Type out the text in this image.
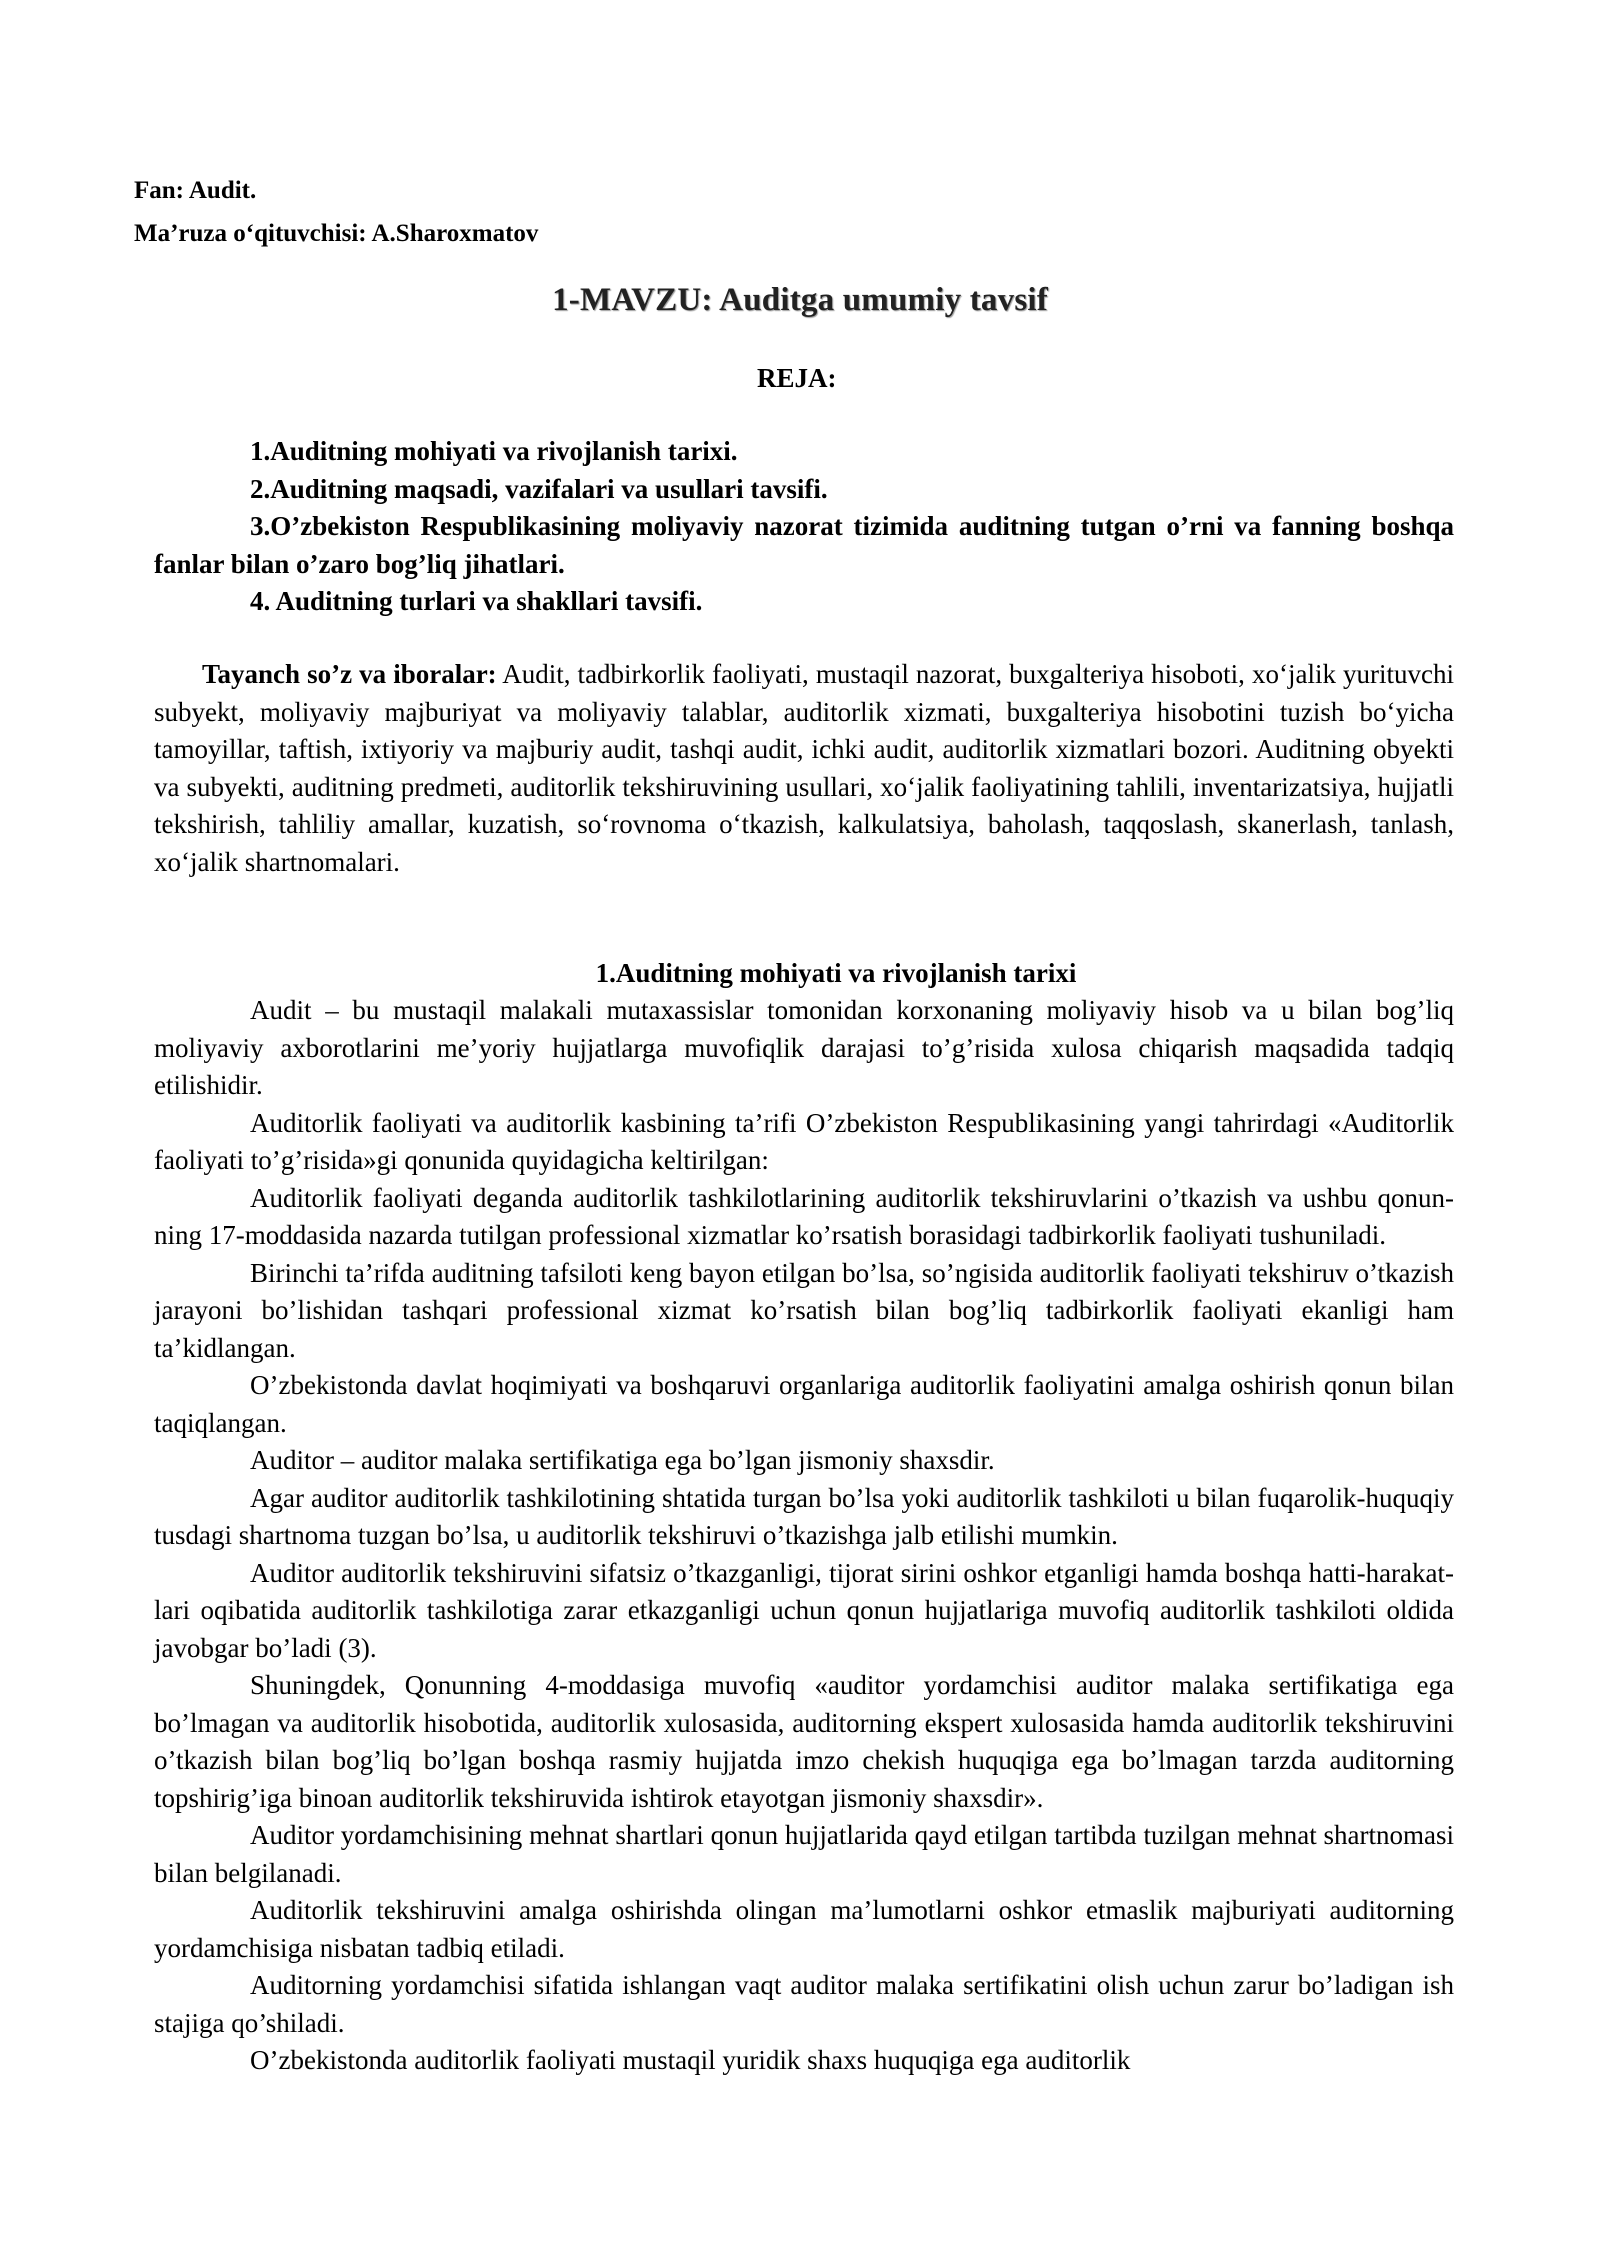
Fan: Audit.
Ma’ruza o‘qituvchisi: A.Sharoxmatov
1-MAVZU: Auditga umumiy tavsif
REJA:
1.Auditning mohiyati va rivojlanish tarixi.
2.Auditning maqsadi, vazifalari va usullari tavsifi.
3.O’zbekiston Respublikasining moliyaviy nazorat tizimida auditning tutgan o’rni va fanning boshqa fanlar bilan o’zaro bog’liq jihatlari.
4. Auditning turlari va shakllari tavsifi.
Tayanch so’z va iboralar: Audit, tadbirkorlik faoliyati, mustaqil nazorat, buxgalteriya hisoboti, xo‘jalik yurituvchi subyekt, moliyaviy majburiyat va moliyaviy talablar, auditorlik xizmati, buxgalteriya hisobotini tuzish bo‘yicha tamoyillar, taftish, ixtiyoriy va majburiy audit, tashqi audit, ichki audit, auditorlik xizmatlari bozori. Auditning obyekti va subyekti, auditning predmeti, auditorlik tekshiruvining usullari, xo‘jalik faoliyatining tahlili, inventarizatsiya, hujjatli tekshirish, tahliliy amallar, kuzatish, so‘rovnoma o‘tkazish, kalkulatsiya, baholash, taqqoslash, skanerlash, tanlash, xo‘jalik shartnomalari.
1.Auditning mohiyati va rivojlanish tarixi

Audit – bu mustaqil malakali mutaxassislar tomonidan korxonaning moliyaviy hisob va u bilan bog’liq moliyaviy axborotlarini me’yoriy hujjatlarga muvofiqlik darajasi to’g’risida xulosa chiqarish maqsadida tadqiq etilishidir.

Auditorlik faoliyati va auditorlik kasbining ta’rifi O’zbekiston Respublikasining yangi tahrirdagi «Auditorlik faoliyati to’g’risida»gi qonunida quyidagicha keltirilgan:

Auditorlik faoliyati deganda auditorlik tashkilotlarining auditorlik tekshiruvlarini o’tkazish va ushbu qonun-ning 17-moddasida nazarda tutilgan professional xizmatlar ko’rsatish borasidagi tadbirkorlik faoliyati tushuniladi.

Birinchi ta’rifda auditning tafsiloti keng bayon etilgan bo’lsa, so’ngisida auditorlik faoliyati tekshiruv o’tkazish jarayoni bo’lishidan tashqari professional xizmat ko’rsatish bilan bog’liq tadbirkorlik faoliyati ekanligi ham ta’kidlangan.

O’zbekistonda davlat hoqimiyati va boshqaruvi organlariga auditorlik faoliyatini amalga oshirish qonun bilan taqiqlangan.

Auditor – auditor malaka sertifikatiga ega bo’lgan jismoniy shaxsdir.

Agar auditor auditorlik tashkilotining shtatida turgan bo’lsa yoki auditorlik tashkiloti u bilan fuqarolik-huquqiy tusdagi shartnoma tuzgan bo’lsa, u auditorlik tekshiruvi o’tkazishga jalb etilishi mumkin.

Auditor auditorlik tekshiruvini sifatsiz o’tkazganligi, tijorat sirini oshkor etganligi hamda boshqa hatti-harakat-lari oqibatida auditorlik tashkilotiga zarar etkazganligi uchun qonun hujjatlariga muvofiq auditorlik tashkiloti oldida javobgar bo’ladi (3).

Shuningdek, Qonunning 4-moddasiga muvofiq «auditor yordamchisi auditor malaka sertifikatiga ega bo’lmagan va auditorlik hisobotida, auditorlik xulosasida, auditorning ekspert xulosasida hamda auditorlik tekshiruvini o’tkazish bilan bog’liq bo’lgan boshqa rasmiy hujjatda imzo chekish huquqiga ega bo’lmagan tarzda auditorning topshirig’iga binoan auditorlik tekshiruvida ishtirok etayotgan jismoniy shaxsdir».

Auditor yordamchisining mehnat shartlari qonun hujjatlarida qayd etilgan tartibda tuzilgan mehnat shartnomasi bilan belgilanadi.

Auditorlik tekshiruvini amalga oshirishda olingan ma’lumotlarni oshkor etmaslik majburiyati auditorning yordamchisiga nisbatan tadbiq etiladi.

Auditorning yordamchisi sifatida ishlangan vaqt auditor malaka sertifikatini olish uchun zarur bo’ladigan ish stajiga qo’shiladi.

O’zbekistonda auditorlik faoliyati mustaqil yuridik shaxs huquqiga ega auditorlik
